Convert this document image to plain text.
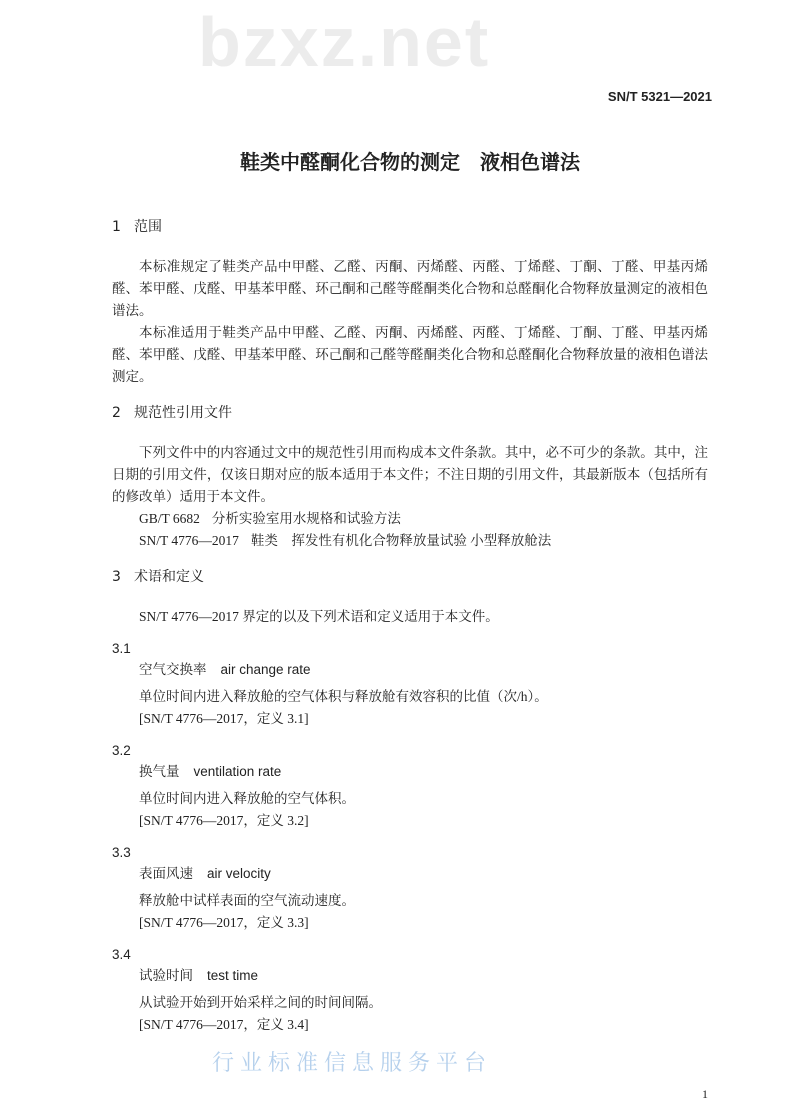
bzxz.net
SN/T 5321—2021
鞋类中醛酮化合物的测定　液相色谱法
1 范围
本标准规定了鞋类产品中甲醛、乙醛、丙酮、丙烯醛、丙醛、丁烯醛、丁酮、丁醛、甲基丙烯醛、苯甲醛、戊醛、甲基苯甲醛、环己酮和己醛等醛酮类化合物和总醛酮化合物释放量测定的液相色谱法。
本标准适用于鞋类产品中甲醛、乙醛、丙酮、丙烯醛、丙醛、丁烯醛、丁酮、丁醛、甲基丙烯醛、苯甲醛、戊醛、甲基苯甲醛、环己酮和己醛等醛酮类化合物和总醛酮化合物释放量的液相色谱法测定。
2 规范性引用文件
下列文件中的内容通过文中的规范性引用而构成本文件条款。其中，必不可少的条款。其中，注日期的引用文件，仅该日期对应的版本适用于本文件；不注日期的引用文件，其最新版本（包括所有的修改单）适用于本文件。
GB/T 6682 分析实验室用水规格和试验方法
SN/T 4776—2017 鞋类　挥发性有机化合物释放量试验 小型释放舱法
3 术语和定义
SN/T 4776—2017 界定的以及下列术语和定义适用于本文件。
3.1
空气交换率 air change rate
单位时间内进入释放舱的空气体积与释放舱有效容积的比值（次/h）。
[SN/T 4776—2017，定义 3.1]
3.2
换气量 ventilation rate
单位时间内进入释放舱的空气体积。
[SN/T 4776—2017，定义 3.2]
3.3
表面风速 air velocity
释放舱中试样表面的空气流动速度。
[SN/T 4776—2017，定义 3.3]
3.4
试验时间 test time
从试验开始到开始采样之间的时间间隔。
[SN/T 4776—2017，定义 3.4]
行业标准信息服务平台
1
